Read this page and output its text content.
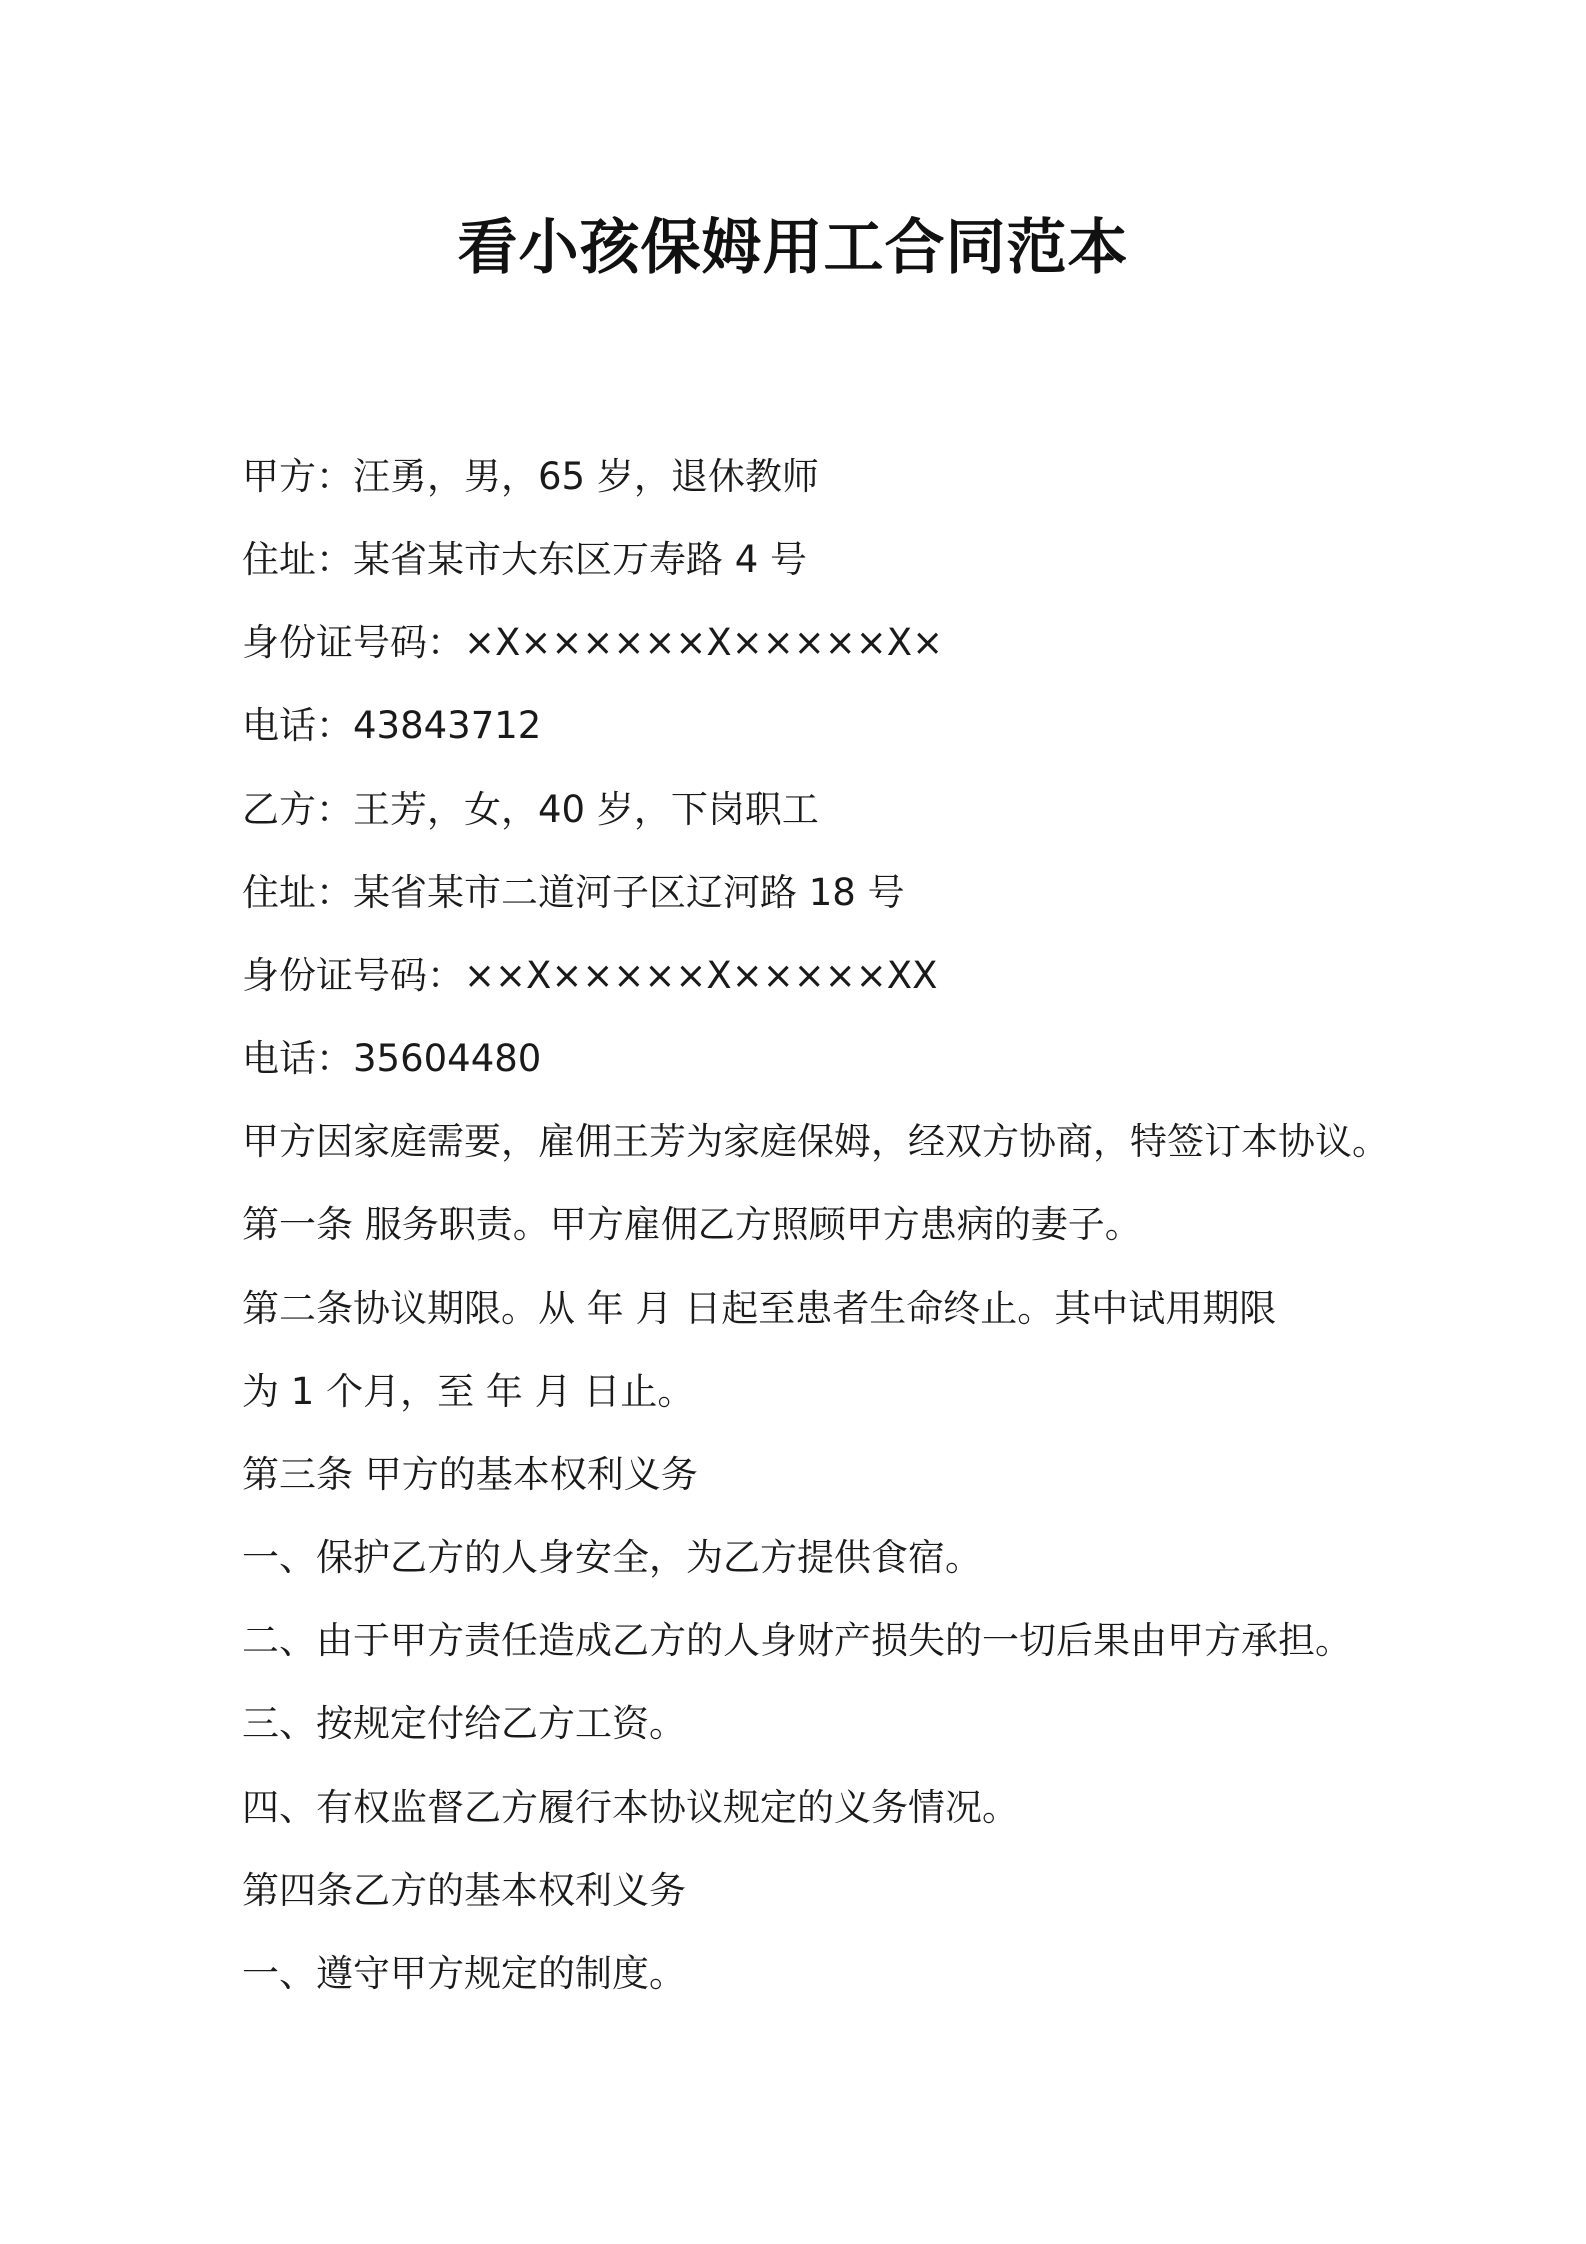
看小孩保姆用工合同范本
甲方：汪勇，男，65 岁，退休教师
住址：某省某市大东区万寿路 4 号
身份证号码：×X××××××X×××××X×
电话：43843712
乙方：王芳，女，40 岁，下岗职工
住址：某省某市二道河子区辽河路 18 号
身份证号码：××X×××××X×××××XX
电话：35604480
甲方因家庭需要，雇佣王芳为家庭保姆，经双方协商，特签订本协议。
第一条 服务职责。甲方雇佣乙方照顾甲方患病的妻子。
第二条协议期限。从 年 月 日起至患者生命终止。其中试用期限
为 1 个月，至 年 月 日止。
第三条 甲方的基本权利义务
一、保护乙方的人身安全，为乙方提供食宿。
二、由于甲方责任造成乙方的人身财产损失的一切后果由甲方承担。
三、按规定付给乙方工资。
四、有权监督乙方履行本协议规定的义务情况。
第四条乙方的基本权利义务
一、遵守甲方规定的制度。
